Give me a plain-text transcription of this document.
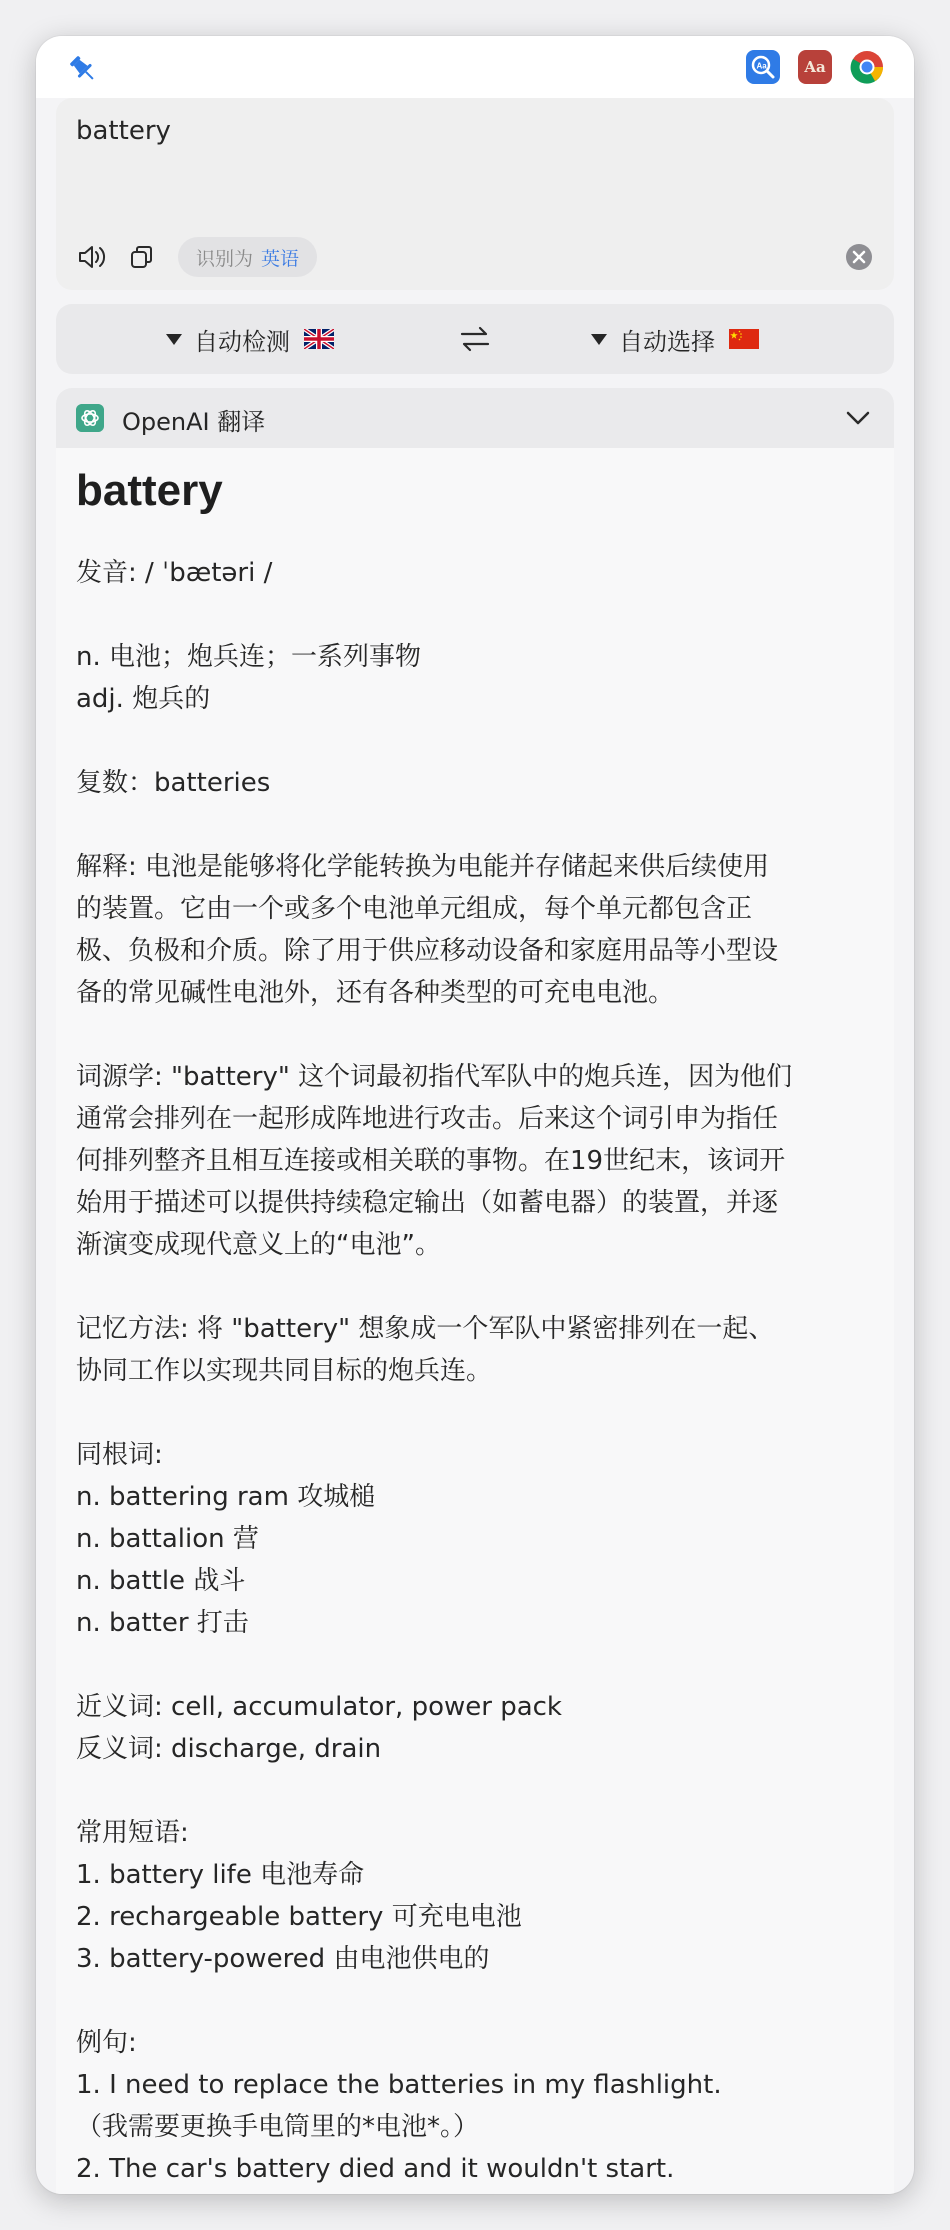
Aa	Aa
battery
识别为 英语
自动检测	自动选择
OpenAI 翻译
battery
发音: / ˈbætəri /
n. 电池；炮兵连；一系列事物
adj. 炮兵的
复数：batteries
解释: 电池是能够将化学能转换为电能并存储起来供后续使用
的装置。它由一个或多个电池单元组成，每个单元都包含正
极、负极和介质。除了用于供应移动设备和家庭用品等小型设
备的常见碱性电池外，还有各种类型的可充电电池。
词源学: "battery" 这个词最初指代军队中的炮兵连，因为他们
通常会排列在一起形成阵地进行攻击。后来这个词引申为指任
何排列整齐且相互连接或相关联的事物。在19世纪末，该词开
始用于描述可以提供持续稳定输出（如蓄电器）的装置，并逐
渐演变成现代意义上的“电池”。
记忆方法: 将 "battery" 想象成一个军队中紧密排列在一起、
协同工作以实现共同目标的炮兵连。
同根词:
n. battering ram 攻城槌
n. battalion 营
n. battle 战斗
n. batter 打击
近义词: cell, accumulator, power pack
反义词: discharge, drain
常用短语:
1. battery life 电池寿命
2. rechargeable battery 可充电电池
3. battery-powered 由电池供电的
例句:
1. I need to replace the batteries in my flashlight.
（我需要更换手电筒里的*电池*。）
2. The car's battery died and it wouldn't start.
